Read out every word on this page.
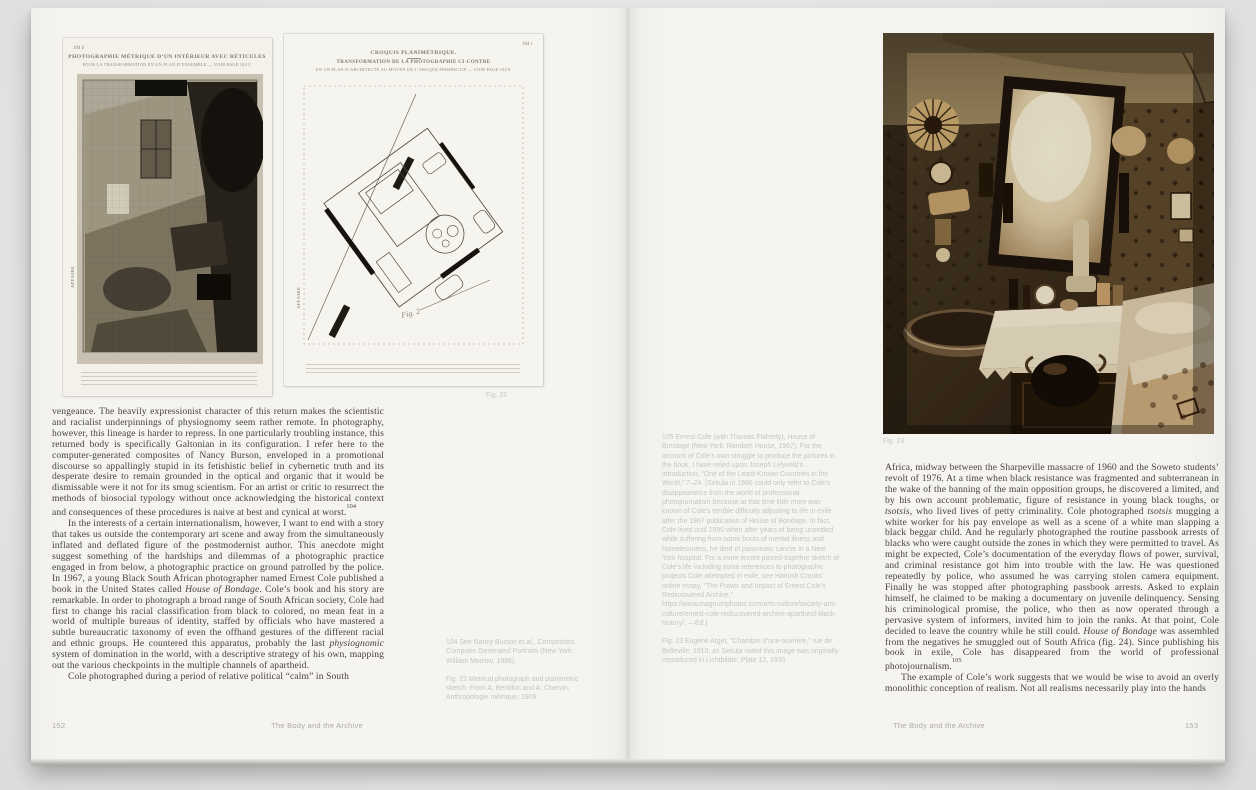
104 b
PHOTOGRAPHIE MÉTRIQUE D’UN INTÉRIEUR AVEC RÉTICULES
POUR LA TRANSFORMATION EN UN PLAN D’ENSEMBLE — VOIR PAGE 104 C
AFFAIRE
104 c
CROQUIS PLANIMÉTRIQUE.
TRANSFORMATION DE LA PHOTOGRAPHIE CI-CONTRE
EN UN PLAN D’ARCHITECTE AU MOYEN DE L’ABAQUE PERSPECTIF — VOIR PAGE 104 E
AFFAIRE
Fig. 2
Fig. 22

vengeance. The heavily expressionist character of this return makes the scientistic and racialist underpinnings of physiognomy seem rather remote. In photography, however, this lineage is harder to repress. In one particularly troubling instance, this returned body is specifically Galtonian in its configuration. I refer here to the computer-generated composites of Nancy Burson, enveloped in a promotional discourse so appallingly stupid in its fetishistic belief in cybernetic truth and its desperate desire to remain grounded in the optical and organic that it would be dismissable were it not for its smug scientism. For an artist or critic to resurrect the methods of biosocial typology without once acknowledging the historical context and consequences of these procedures is naive at best and cynical at worst.$^{104}$

In the interests of a certain internationalism, however, I want to end with a story that takes us outside the contemporary art scene and away from the simultaneously inflated and deflated figure of the postmodernist author. This anecdote might suggest something of the hardships and dilemmas of a photographic practice engaged in from below, a photographic practice on ground patrolled by the police. In 1967, a young Black South African photographer named Ernest Cole published a book in the United States called House of Bondage. Cole’s book and his story are remarkable. In order to photograph a broad range of South African society, Cole had first to change his racial classification from black to colored, no mean feat in a world of multiple bureaus of identity, staffed by officials who have mastered a subtle bureaucratic taxonomy of even the offhand gestures of the different racial and ethnic groups. He countered this apparatus, probably the last physiognomic system of domination in the world, with a descriptive strategy of his own, mapping out the various checkpoints in the multiple channels of apartheid.

Cole photographed during a period of relative political “calm” in South

104 See Nancy Burson et al., Composites: Computer Generated Portraits (New York: William Morrow, 1986).
Fig. 22 Metrical photograph and planimetric sketch. From A. Bertillon and A. Chervin, Anthropologie métrique, 1909.
152	The Body and the Archive
105 Ernest Cole (with Thomas Flaherty), House of Bondage (New York: Random House, 1967). For the account of Cole’s own struggle to produce the pictures in the book, I have relied upon Joseph Lelyveld’s introduction, “One of the Least-Known Countries in the World,” 7–24. [Sekula in 1986 could only refer to Cole’s disappearance from the world of professional photojournalism because at that time little more was known of Cole’s terrible difficulty adjusting to life in exile after the 1967 publication of House of Bondage. In fact, Cole lived until 1990 when after years of being unsettled while suffering from some bouts of mental illness and homelessness, he died of pancreatic cancer in a New York hospital. For a more recent pieced-together sketch of Cole’s life including some references to photographic projects Cole attempted in exile, see Hamish Crooks’ online essay, “The Power and Impact of Ernest Cole’s Rediscovered Archive,” https://www.magnumphotos.com/arts-culture/society-arts-culture/ernest-cole-rediscovered-archive-apartheid-black-history/. —Ed.]
Fig. 23 Eugène Atget, “Chambre d’une ouvrière,” rue de Belleville, 1910; as Sekula noted this image was originally reproduced in Lichtbilder, Plate 12, 1930.
Fig. 23

Africa, midway between the Sharpeville massacre of 1960 and the Soweto students’ revolt of 1976. At a time when black resistance was fragmented and subterranean in the wake of the banning of the main opposition groups, he discovered a limited, and by his own account problematic, figure of resistance in young black toughs, or tsotsis, who lived lives of petty criminality. Cole photographed tsotsis mugging a white worker for his pay envelope as well as a scene of a white man slapping a black beggar child. And he regularly photographed the routine passbook arrests of blacks who were caught outside the zones in which they were permitted to travel. As might be expected, Cole’s documentation of the everyday flows of power, survival, and criminal resistance got him into trouble with the law. He was questioned repeatedly by police, who assumed he was carrying stolen camera equipment. Finally he was stopped after photographing passbook arrests. Asked to explain himself, he claimed to be making a documentary on juvenile delinquency. Sensing his criminological promise, the police, who then as now operated through a pervasive system of informers, invited him to join the ranks. At that point, Cole decided to leave the country while he still could. House of Bondage was assembled from the negatives he smuggled out of South Africa (fig. 24). Since publishing his book in exile, Cole has disappeared from the world of professional photojournalism.$^{105}$

The example of Cole’s work suggests that we would be wise to avoid an overly monolithic conception of realism. Not all realisms necessarily play into the hands

The Body and the Archive	153
